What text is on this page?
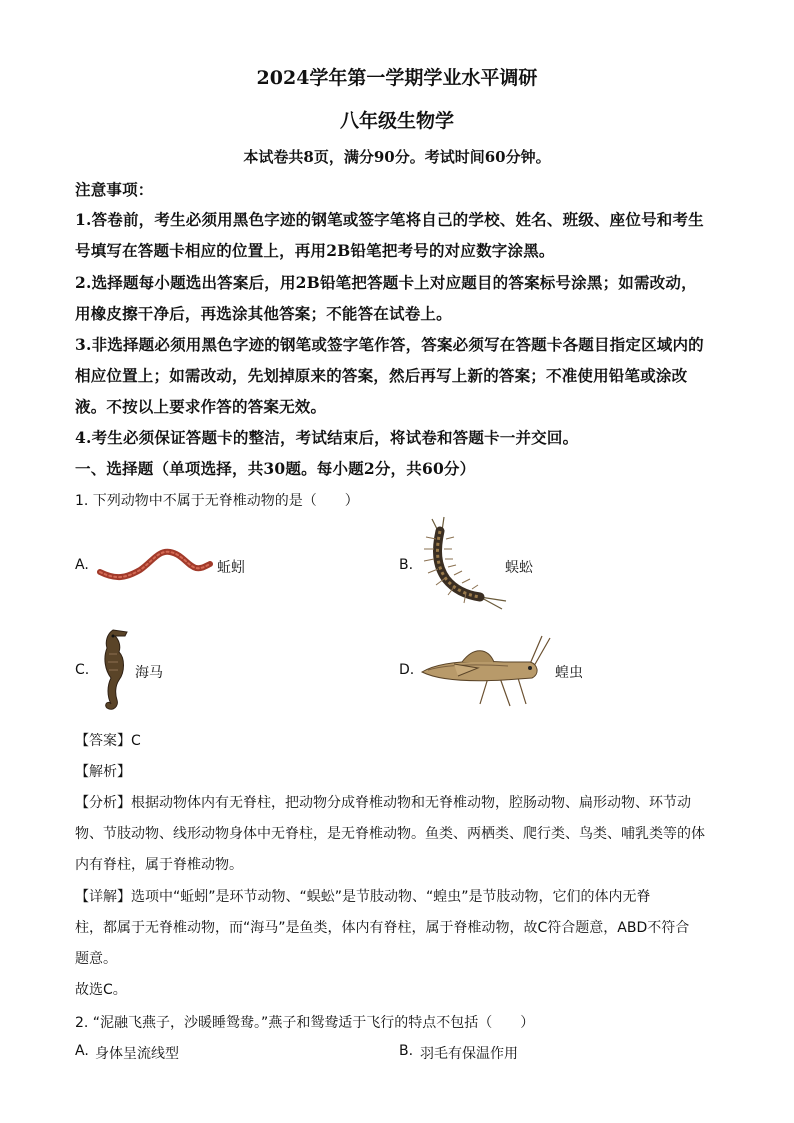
2024学年第一学期学业水平调研
八年级生物学
本试卷共8页，满分90分。考试时间60分钟。
注意事项：
1.答卷前，考生必须用黑色字迹的钢笔或签字笔将自己的学校、姓名、班级、座位号和考生
号填写在答题卡相应的位置上，再用2B铅笔把考号的对应数字涂黑。
2.选择题每小题选出答案后，用2B铅笔把答题卡上对应题目的答案标号涂黑；如需改动，
用橡皮擦干净后，再选涂其他答案；不能答在试卷上。
3.非选择题必须用黑色字迹的钢笔或签字笔作答，答案必须写在答题卡各题目指定区域内的
相应位置上；如需改动，先划掉原来的答案，然后再写上新的答案；不准使用铅笔或涂改
液。不按以上要求作答的答案无效。
4.考生必须保证答题卡的整洁，考试结束后，将试卷和答题卡一并交回。
一、选择题（单项选择，共30题。每小题2分，共60分）
1. 下列动物中不属于无脊椎动物的是（　　）
A.	蚯蚓	B.	蜈蚣
C.	海马	D.	蝗虫
【答案】C
【解析】
【分析】根据动物体内有无脊柱，把动物分成脊椎动物和无脊椎动物，腔肠动物、扁形动物、环节动
物、节肢动物、线形动物身体中无脊柱，是无脊椎动物。鱼类、两栖类、爬行类、鸟类、哺乳类等的体
内有脊柱，属于脊椎动物。
【详解】选项中“蚯蚓”是环节动物、“蜈蚣”是节肢动物、“蝗虫”是节肢动物，它们的体内无脊
柱，都属于无脊椎动物，而“海马”是鱼类，体内有脊柱，属于脊椎动物，故C符合题意，ABD不符合
题意。
故选C。
2. “泥融飞燕子，沙暖睡鸳鸯。”燕子和鸳鸯适于飞行的特点不包括（　　）
A. 身体呈流线型	B. 羽毛有保温作用
